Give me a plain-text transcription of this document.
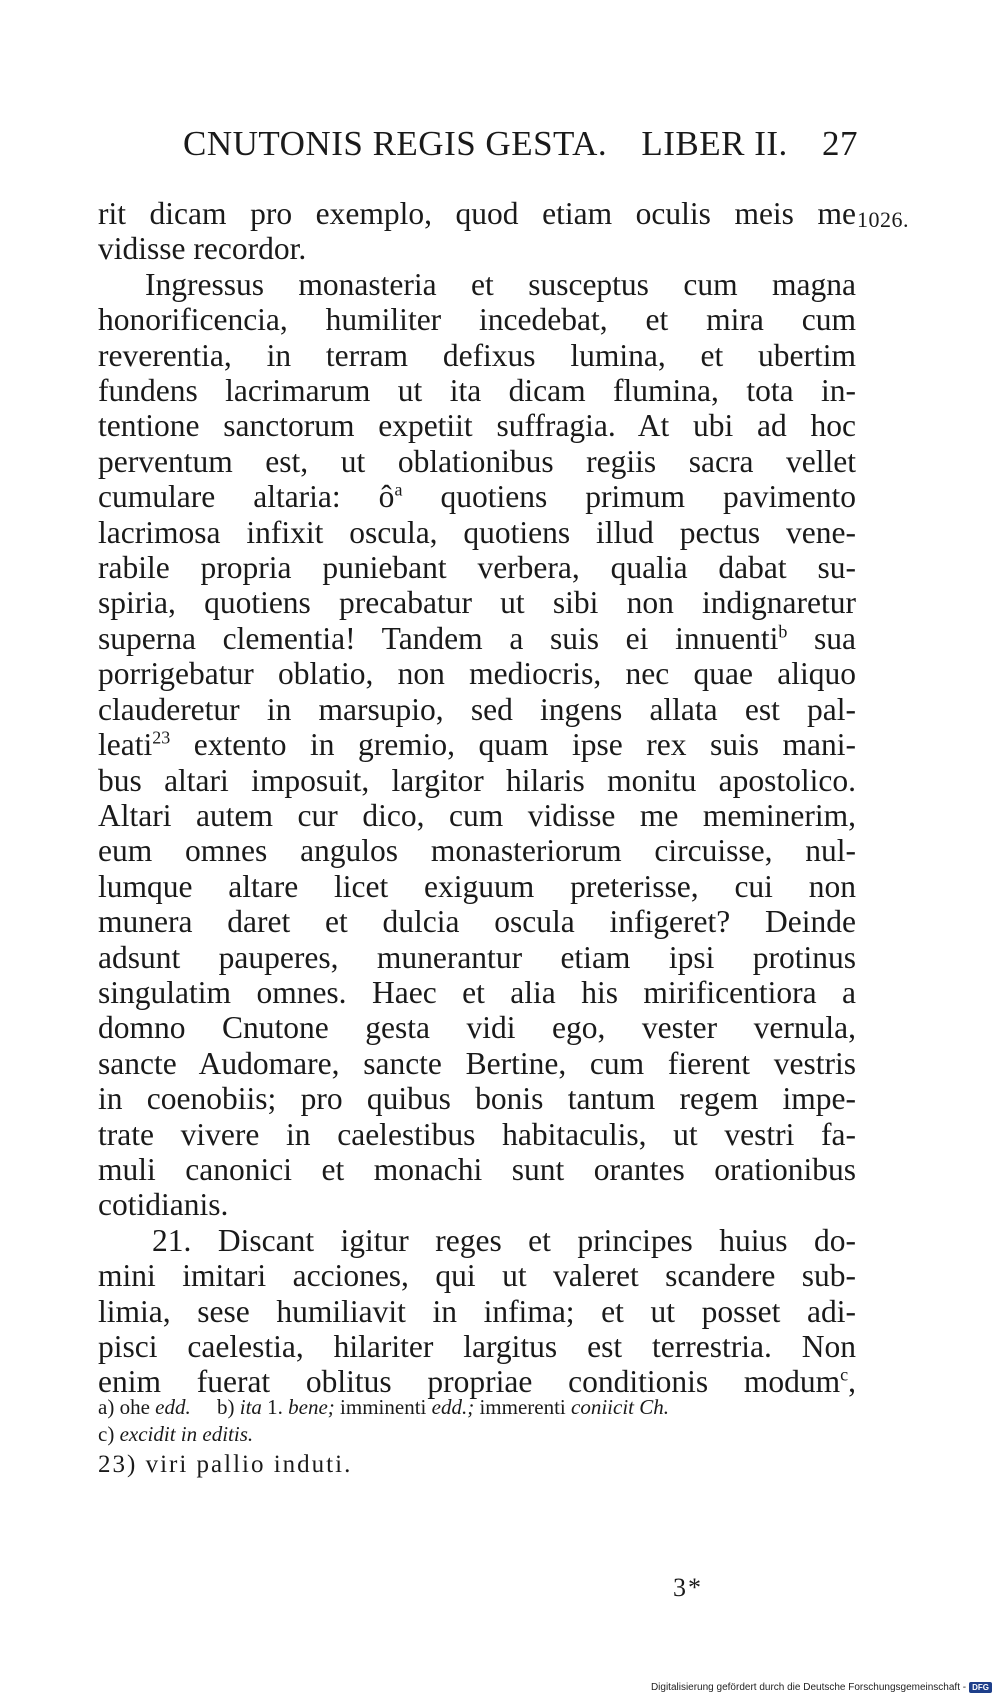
CNUTONIS REGIS GESTA. LIBER II. 27
1026.
rit dicam pro exemplo, quod etiam oculis meis me
vidisse recordor.
Ingressus monasteria et susceptus cum magna
honorificencia, humiliter incedebat, et mira cum
reverentia, in terram defixus lumina, et ubertim
fundens lacrimarum ut ita dicam flumina, tota in-
tentione sanctorum expetiit suffragia. At ubi ad hoc
perventum est, ut oblationibus regiis sacra vellet
cumulare altaria: $ô^a$ quotiens primum pavimento
lacrimosa infixit oscula, quotiens illud pectus vene-
rabile propria puniebant verbera, qualia dabat su-
spiria, quotiens precabatur ut sibi non indignaretur
superna clementia! Tandem a suis ei innuenti$^b$ sua
porrigebatur oblatio, non mediocris, nec quae aliquo
clauderetur in marsupio, sed ingens allata est pal-
leati$^{23}$ extento in gremio, quam ipse rex suis mani-
bus altari imposuit, largitor hilaris monitu apostolico.
Altari autem cur dico, cum vidisse me meminerim,
eum omnes angulos monasteriorum circuisse, nul-
lumque altare licet exiguum preterisse, cui non
munera daret et dulcia oscula infigeret? Deinde
adsunt pauperes, munerantur etiam ipsi protinus
singulatim omnes. Haec et alia his mirificentiora a
domno Cnutone gesta vidi ego, vester vernula,
sancte Audomare, sancte Bertine, cum fierent vestris
in coenobiis; pro quibus bonis tantum regem impe-
trate vivere in caelestibus habitaculis, ut vestri fa-
muli canonici et monachi sunt orantes orationibus
cotidianis.
21. Discant igitur reges et principes huius do-
mini imitari acciones, qui ut valeret scandere sub-
limia, sese humiliavit in infima; et ut posset adi-
pisci caelestia, hilariter largitus est terrestria. Non
enim fuerat oblitus propriae conditionis modum$^c$,
a) ohe edd. b) ita 1. bene; imminenti edd.; immerenti coniicit Ch.
c) excidit in editis.
23) viri pallio induti.
3*
Digitalisierung gefördert durch die Deutsche Forschungsgemeinschaft - DFG
